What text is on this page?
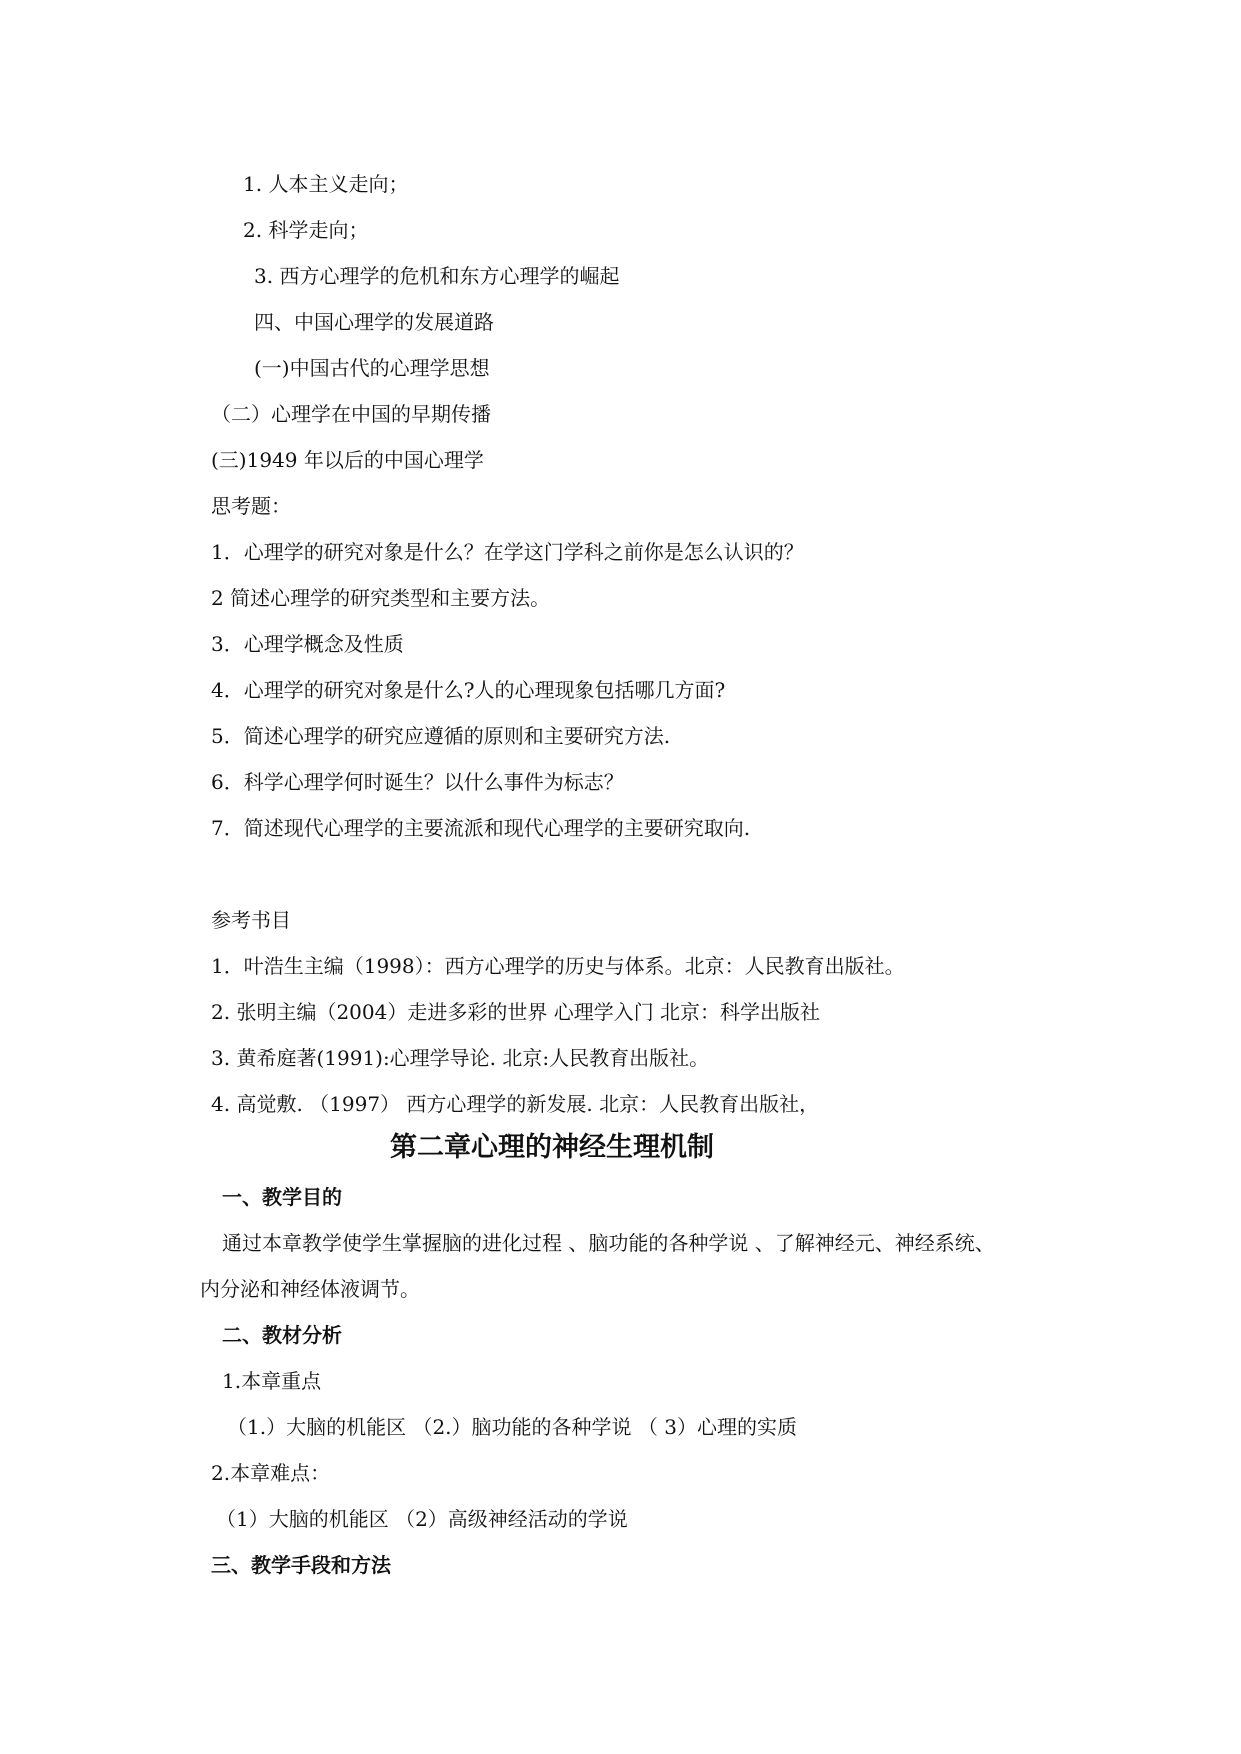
1. 人本主义走向；
2. 科学走向；
3. 西方心理学的危机和东方心理学的崛起
四、中国心理学的发展道路
(一)中国古代的心理学思想
（二）心理学在中国的早期传播
(三)1949 年以后的中国心理学
思考题：
1．心理学的研究对象是什么？在学这门学科之前你是怎么认识的？
2 简述心理学的研究类型和主要方法。
3．心理学概念及性质
4．心理学的研究对象是什么?人的心理现象包括哪几方面?
5．简述心理学的研究应遵循的原则和主要研究方法.
6．科学心理学何时诞生？以什么事件为标志？
7．简述现代心理学的主要流派和现代心理学的主要研究取向.
参考书目
1．叶浩生主编（1998）：西方心理学的历史与体系。北京：人民教育出版社。
2. 张明主编（2004）走进多彩的世界 心理学入门 北京：科学出版社
3. 黄希庭著(1991):心理学导论. 北京:人民教育出版社。
4. 高觉敷. （1997） 西方心理学的新发展. 北京：人民教育出版社，
第二章心理的神经生理机制
一、教学目的
通过本章教学使学生掌握脑的进化过程 、脑功能的各种学说 、了解神经元、神经系统、
内分泌和神经体液调节。
二、教材分析
1.本章重点
（1.）大脑的机能区 （2.）脑功能的各种学说 （ 3）心理的实质
2.本章难点：
（1）大脑的机能区 （2）高级神经活动的学说
三、教学手段和方法
